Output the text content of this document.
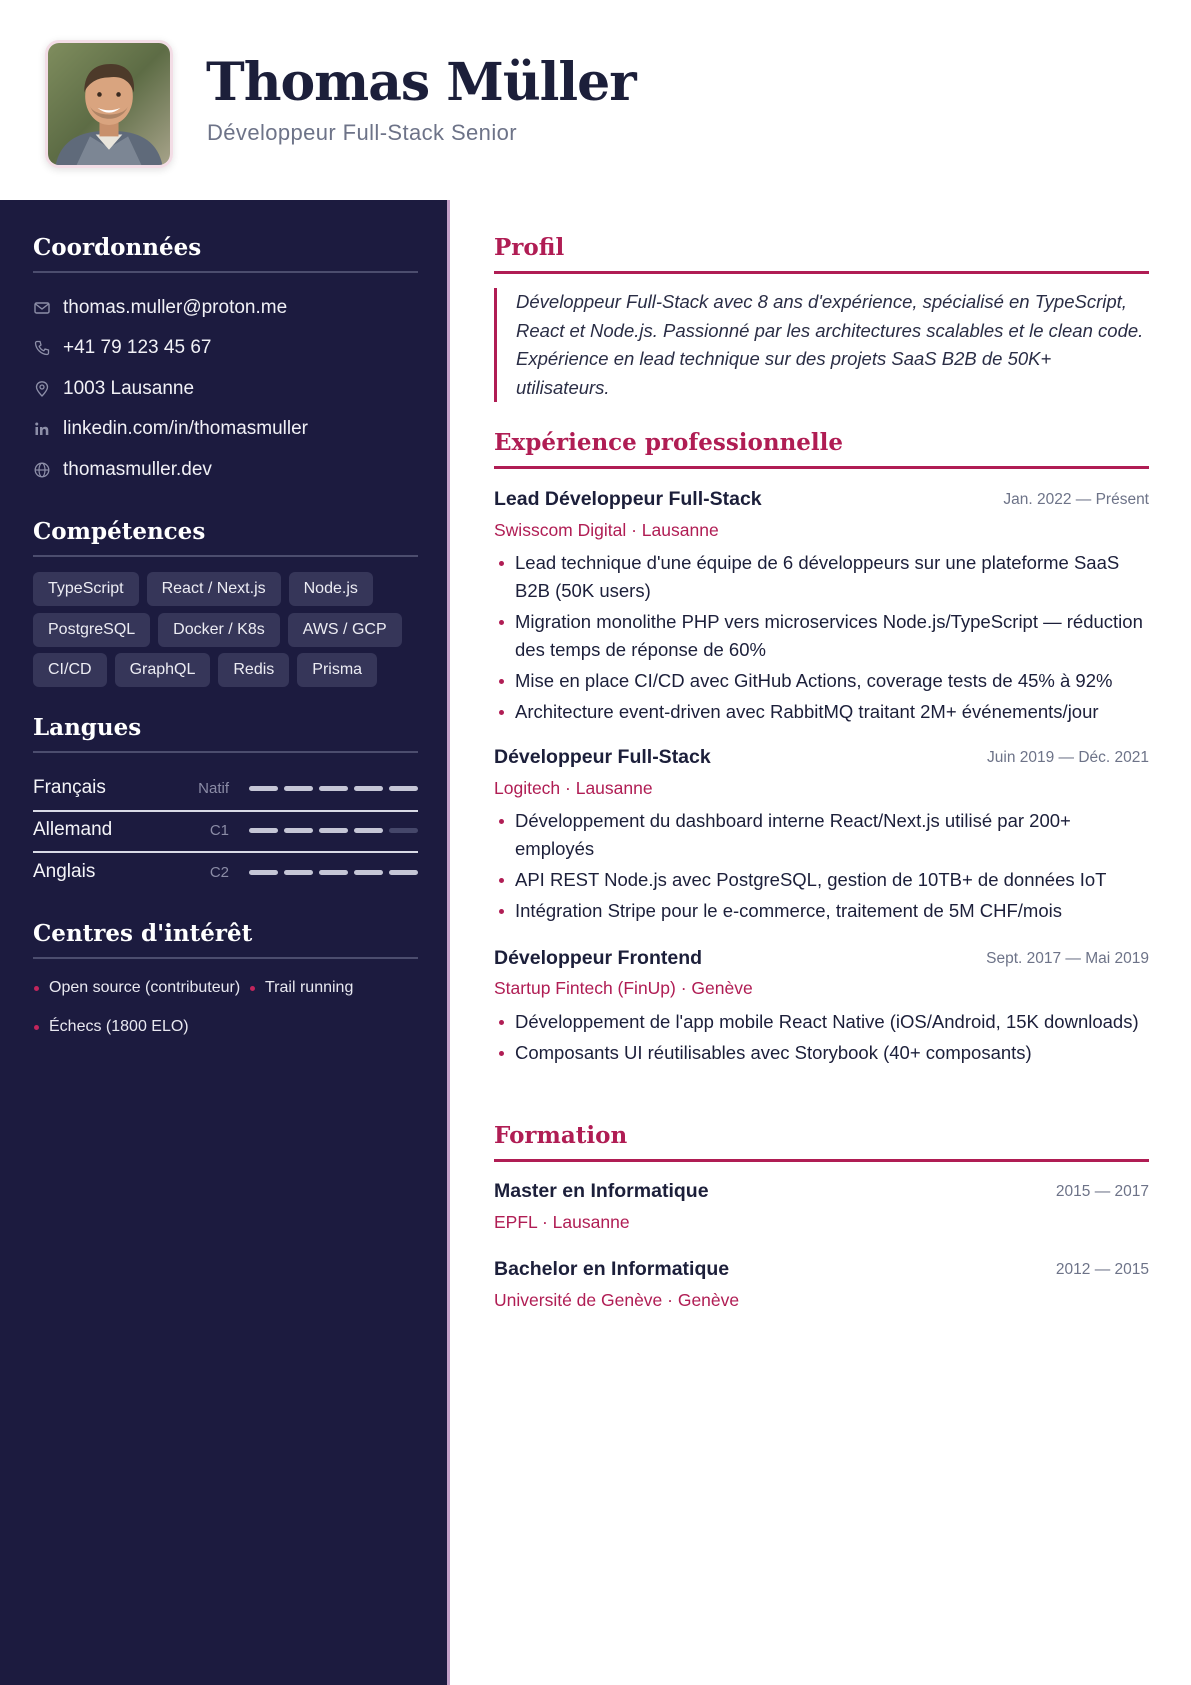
Thomas Müller
Développeur Full-Stack Senior
Coordonnées
thomas.muller@proton.me
+41 79 123 45 67
1003 Lausanne
linkedin.com/in/thomasmuller
thomasmuller.dev
Compétences
TypeScript	React / Next.js	Node.js
PostgreSQL	Docker / K8s	AWS / GCP
CI/CD	GraphQL	Redis	Prisma
Langues
Français	Natif
Allemand	C1
Anglais	C2
Centres d'intérêt
Open source (contributeur) Trail running
Échecs (1800 ELO)
Profil
Développeur Full-Stack avec 8 ans d'expérience, spécialisé en TypeScript, React et Node.js. Passionné par les architectures scalables et le clean code. Expérience en lead technique sur des projets SaaS B2B de 50K+ utilisateurs.
Expérience professionnelle
Lead Développeur Full-Stack	Jan. 2022 — Présent
Swisscom Digital · Lausanne
Lead technique d'une équipe de 6 développeurs sur une plateforme SaaS B2B (50K users)
Migration monolithe PHP vers microservices Node.js/TypeScript — réduction des temps de réponse de 60%
Mise en place CI/CD avec GitHub Actions, coverage tests de 45% à 92%
Architecture event-driven avec RabbitMQ traitant 2M+ événements/jour
Développeur Full-Stack	Juin 2019 — Déc. 2021
Logitech · Lausanne
Développement du dashboard interne React/Next.js utilisé par 200+ employés
API REST Node.js avec PostgreSQL, gestion de 10TB+ de données IoT
Intégration Stripe pour le e-commerce, traitement de 5M CHF/mois
Développeur Frontend	Sept. 2017 — Mai 2019
Startup Fintech (FinUp) · Genève
Développement de l'app mobile React Native (iOS/Android, 15K downloads)
Composants UI réutilisables avec Storybook (40+ composants)
Formation
Master en Informatique	2015 — 2017
EPFL · Lausanne
Bachelor en Informatique	2012 — 2015
Université de Genève · Genève
